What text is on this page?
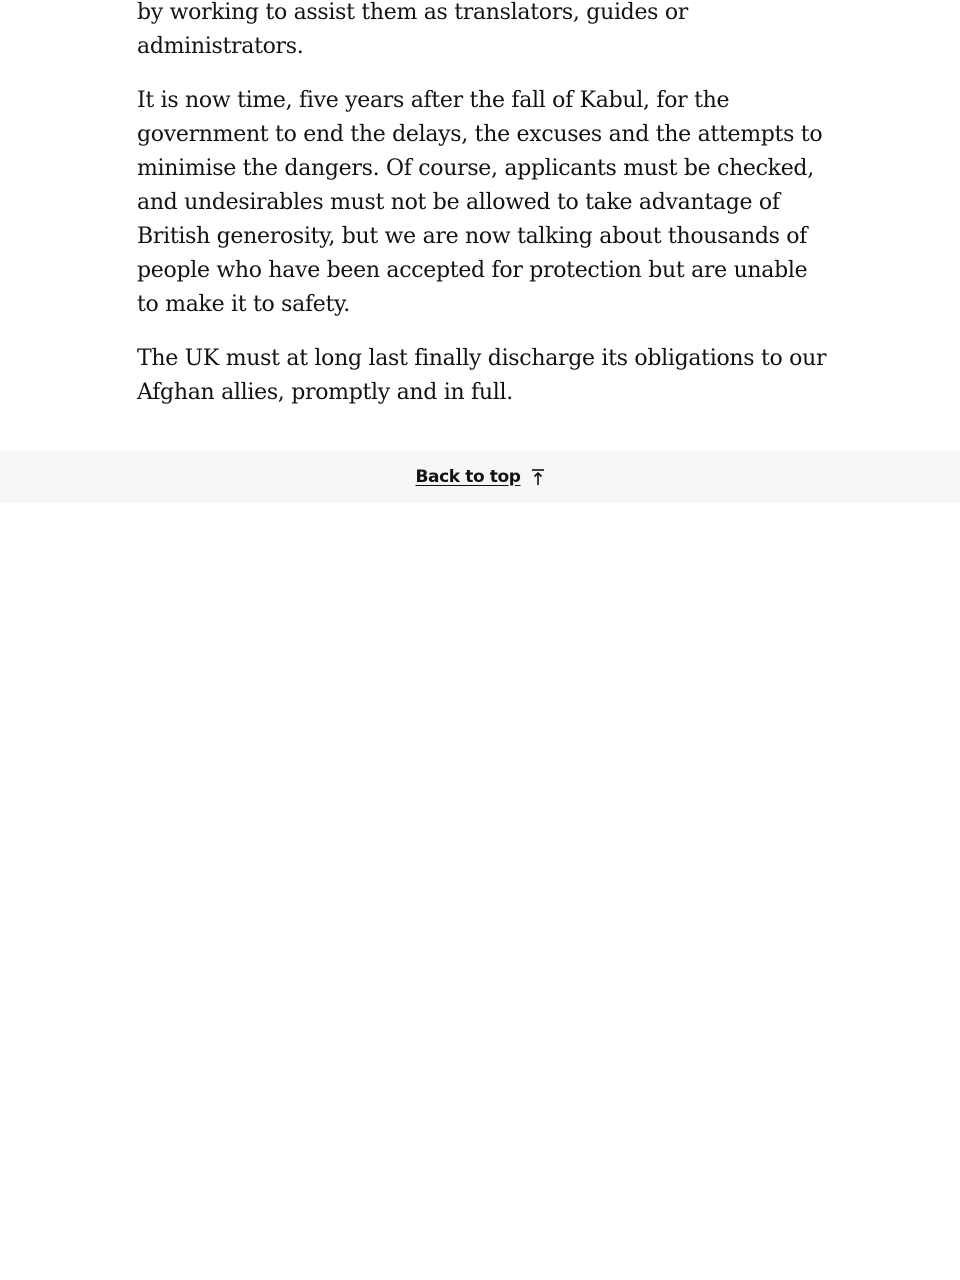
by working to assist them as translators, guides or administrators.

It is now time, five years after the fall of Kabul, for the government to end the delays, the excuses and the attempts to minimise the dangers. Of course, applicants must be checked, and undesirables must not be allowed to take advantage of British generosity, but we are now talking about thousands of people who have been accepted for protection but are unable to make it to safety.

The UK must at long last finally discharge its obligations to our Afghan allies, promptly and in full.

Back to top
